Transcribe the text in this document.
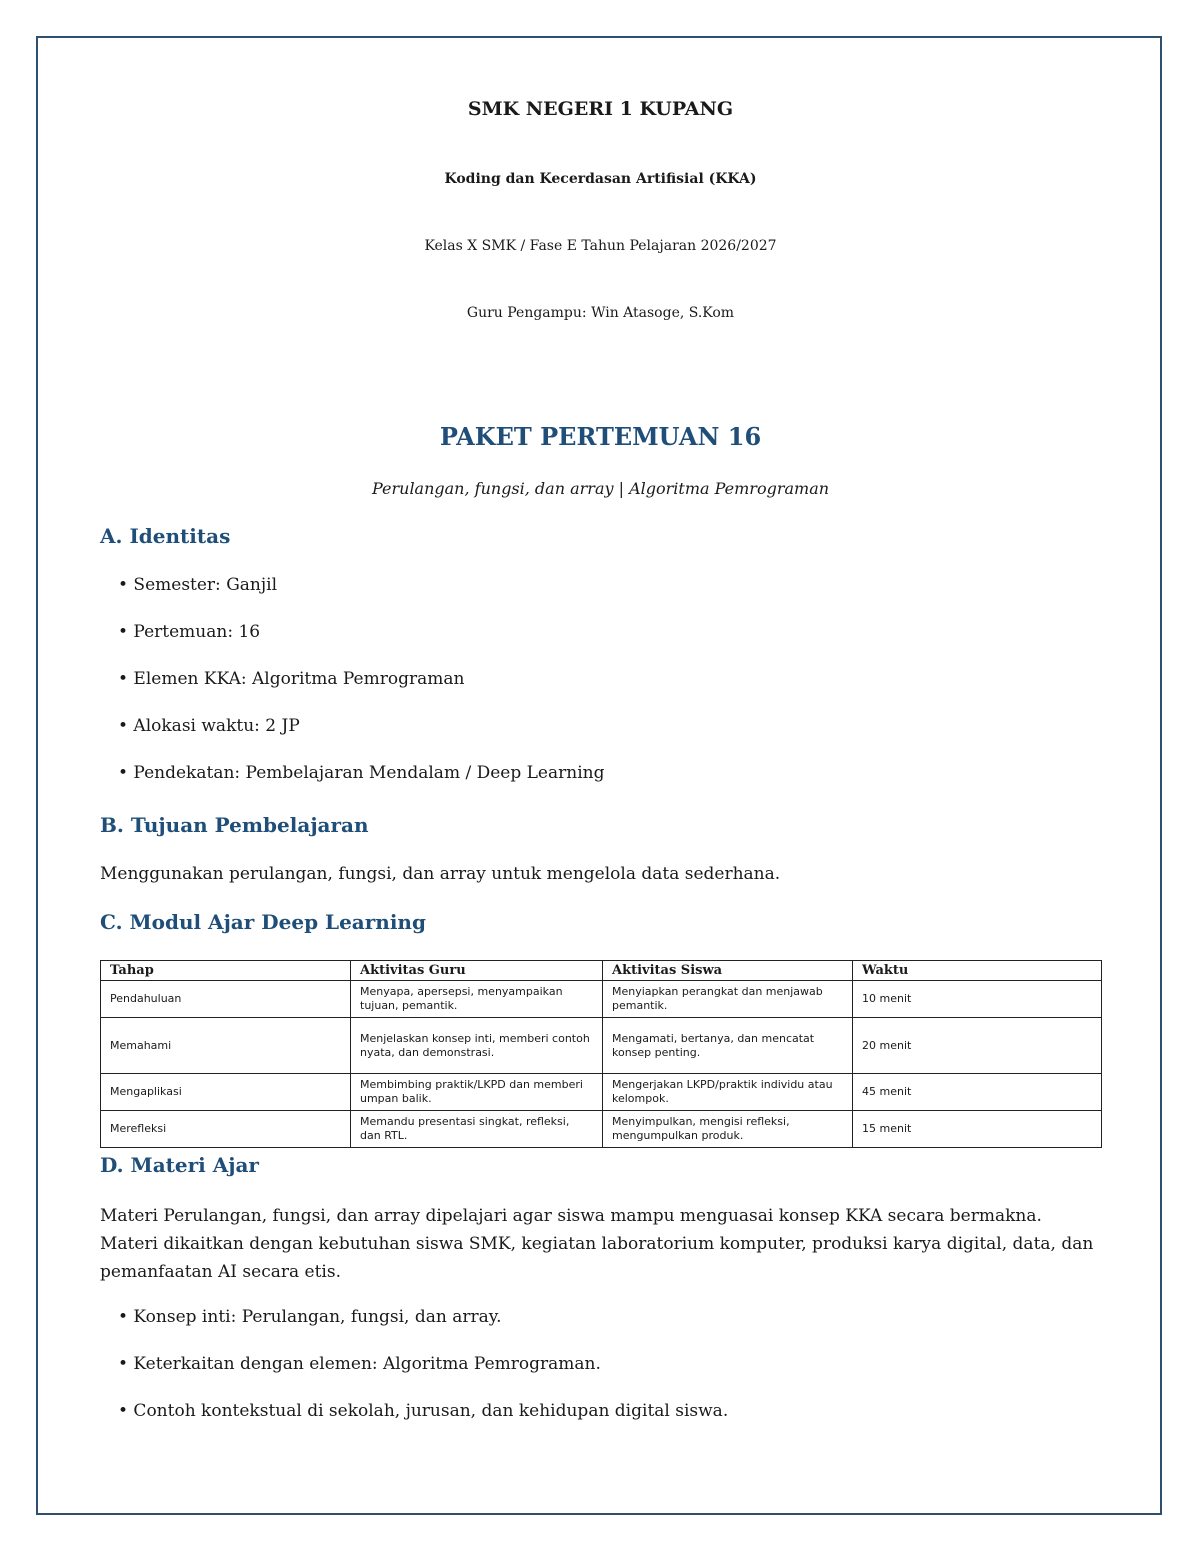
SMK NEGERI 1 KUPANG
Koding dan Kecerdasan Artifisial (KKA)
Kelas X SMK / Fase E Tahun Pelajaran 2026/2027
Guru Pengampu: Win Atasoge, S.Kom
PAKET PERTEMUAN 16
Perulangan, fungsi, dan array | Algoritma Pemrograman
A. Identitas
• Semester: Ganjil
• Pertemuan: 16
• Elemen KKA: Algoritma Pemrograman
• Alokasi waktu: 2 JP
• Pendekatan: Pembelajaran Mendalam / Deep Learning
B. Tujuan Pembelajaran
Menggunakan perulangan, fungsi, dan array untuk mengelola data sederhana.
C. Modul Ajar Deep Learning
Tahap	Aktivitas Guru	Aktivitas Siswa	Waktu
Pendahuluan	Menyapa, apersepsi, menyampaikan tujuan, pemantik.	Menyiapkan perangkat dan menjawab pemantik.	10 menit
Memahami	Menjelaskan konsep inti, memberi contoh nyata, dan demonstrasi.	Mengamati, bertanya, dan mencatat konsep penting.	20 menit
Mengaplikasi	Membimbing praktik/LKPD dan memberi umpan balik.	Mengerjakan LKPD/praktik individu atau kelompok.	45 menit
Merefleksi	Memandu presentasi singkat, refleksi, dan RTL.	Menyimpulkan, mengisi refleksi, mengumpulkan produk.	15 menit
D. Materi Ajar
Materi Perulangan, fungsi, dan array dipelajari agar siswa mampu menguasai konsep KKA secara bermakna. Materi dikaitkan dengan kebutuhan siswa SMK, kegiatan laboratorium komputer, produksi karya digital, data, dan pemanfaatan AI secara etis.
• Konsep inti: Perulangan, fungsi, dan array.
• Keterkaitan dengan elemen: Algoritma Pemrograman.
• Contoh kontekstual di sekolah, jurusan, dan kehidupan digital siswa.
